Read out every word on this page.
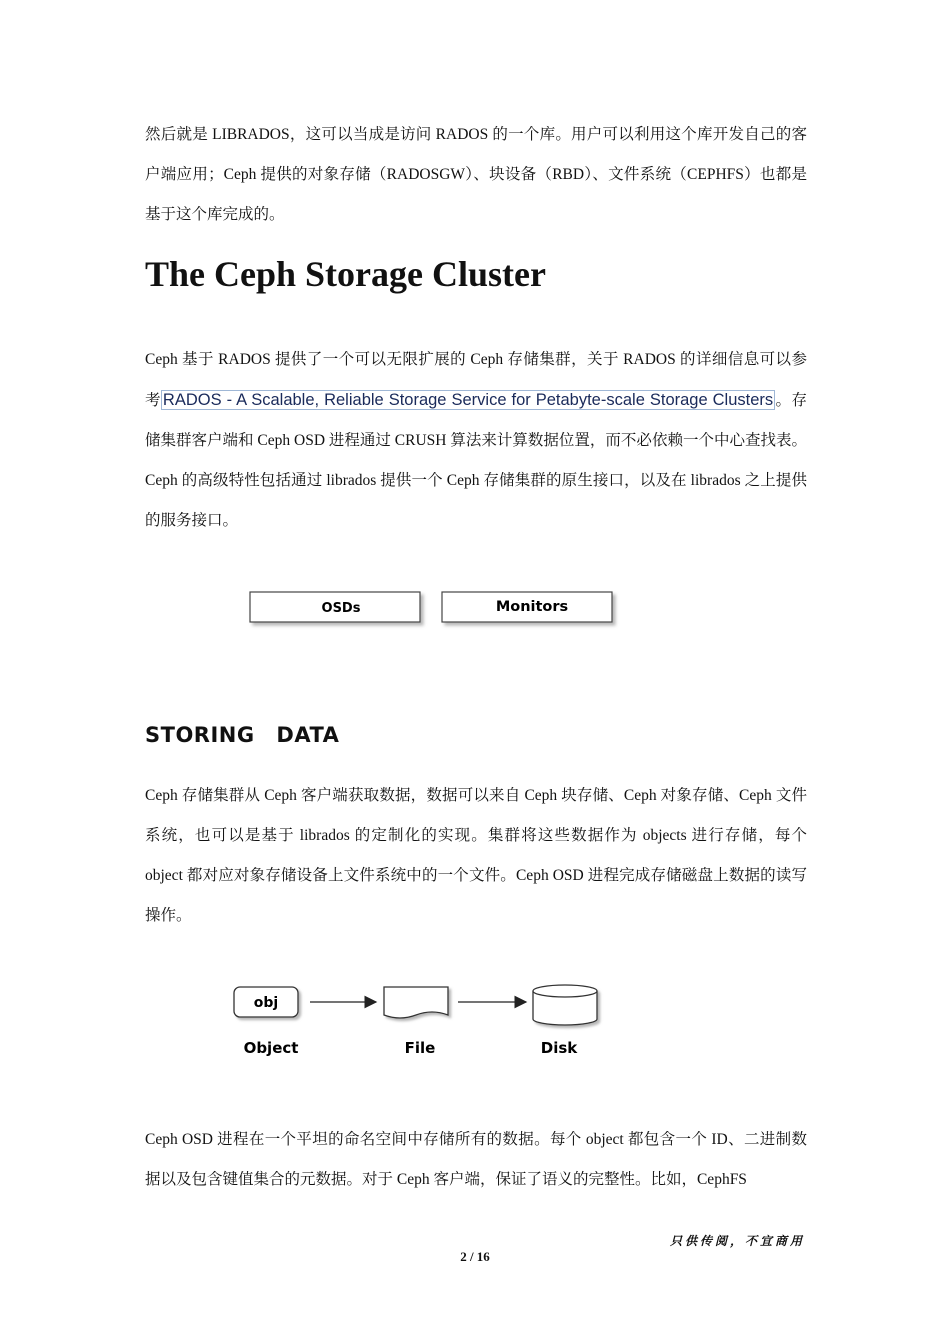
然后就是 LIBRADOS，这可以当成是访问 RADOS 的一个库。用户可以利用这个库开发自己的客户端应用；Ceph 提供的对象存储（RADOSGW）、块设备（RBD）、文件系统（CEPHFS）也都是基于这个库完成的。

The Ceph Storage Cluster

Ceph 基于 RADOS 提供了一个可以无限扩展的 Ceph 存储集群，关于 RADOS 的详细信息可以参考 RADOS - A Scalable, Reliable Storage Service for Petabyte-scale Storage Clusters 。存储集群客户端和 Ceph OSD 进程通过 CRUSH 算法来计算数据位置，而不必依赖一个中心查找表。Ceph 的高级特性包括通过 librados 提供一个 Ceph 存储集群的原生接口，以及在 librados 之上提供的服务接口。

OSDs	Monitors
STORING DATA

Ceph 存储集群从 Ceph 客户端获取数据，数据可以来自 Ceph 块存储、Ceph 对象存储、Ceph 文件系统，也可以是基于 librados 的定制化的实现。集群将这些数据作为 objects 进行存储，每个 object 都对应对象存储设备上文件系统中的一个文件。Ceph OSD 进程完成存储磁盘上数据的读写操作。

obj
Object	File	Disk

Ceph OSD 进程在一个平坦的命名空间中存储所有的数据。每个 object 都包含一个 ID、二进制数据以及包含键值集合的元数据。对于 Ceph 客户端，保证了语义的完整性。比如，CephFS

只供传阅，不宜商用

2 / 16
